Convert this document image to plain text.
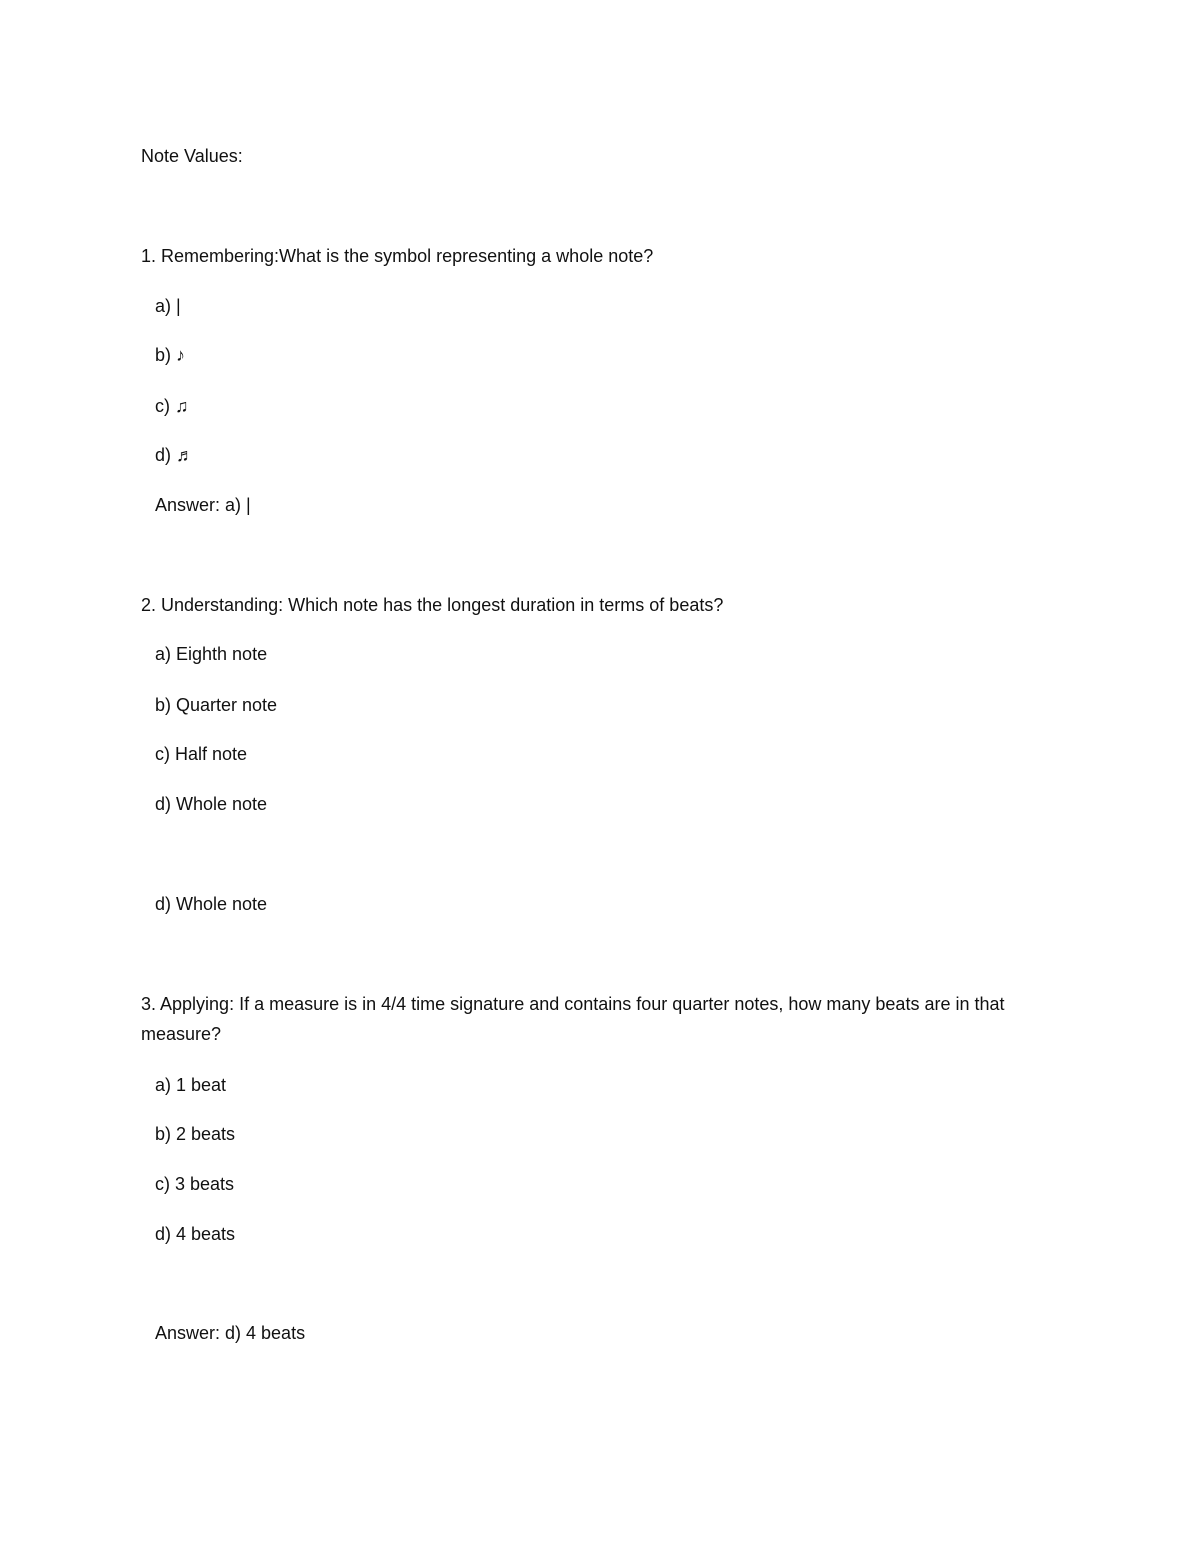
Note Values:
1. Remembering:What is the symbol representing a whole note?
a) |
b) ♪
c) ♫
d) ♬
Answer: a) |
2. Understanding: Which note has the longest duration in terms of beats?
a) Eighth note
b) Quarter note
c) Half note
d) Whole note
d) Whole note
3. Applying: If a measure is in 4/4 time signature and contains four quarter notes, how many beats are in that measure?
a) 1 beat
b) 2 beats
c) 3 beats
d) 4 beats
Answer: d) 4 beats
